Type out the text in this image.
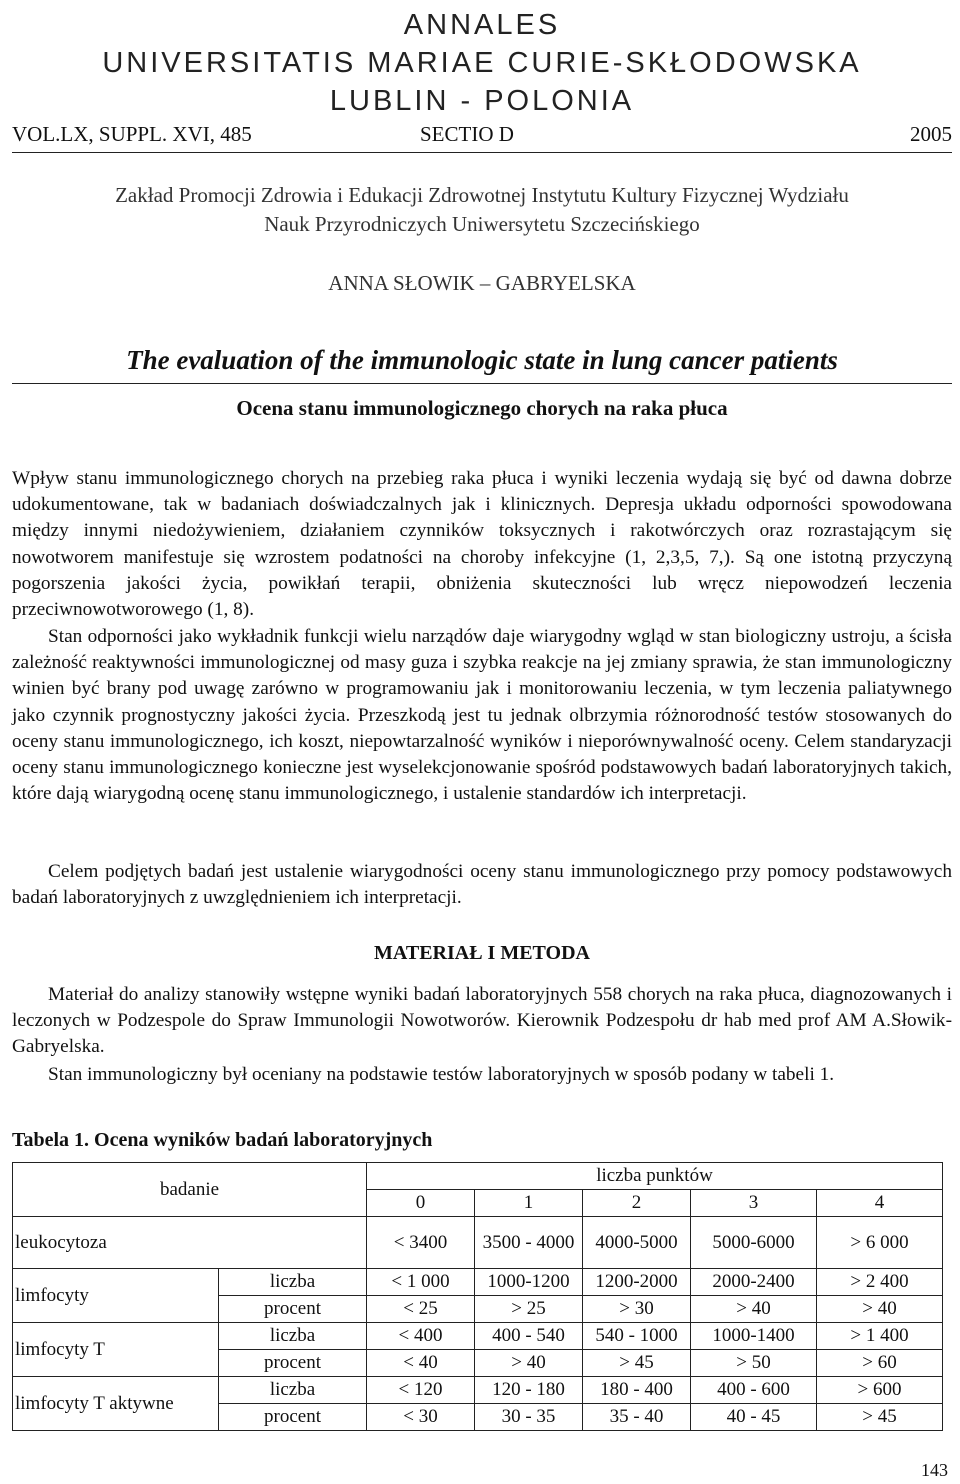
ANNALES
UNIVERSITATIS MARIAE CURIE-SKŁODOWSKA
LUBLIN - POLONIA
VOL.LX, SUPPL. XVI, 485	SECTIO D	2005
Zakład Promocji Zdrowia i Edukacji Zdrowotnej Instytutu Kultury Fizycznej Wydziału
Nauk Przyrodniczych Uniwersytetu Szczecińskiego
ANNA SŁOWIK – GABRYELSKA
The evaluation of the immunologic state in lung cancer patients
Ocena stanu immunologicznego chorych na raka płuca

Wpływ stanu immunologicznego chorych na przebieg raka płuca i wyniki leczenia wydają się być od dawna dobrze udokumentowane, tak w badaniach doświadczalnych jak i klinicznych. Depresja układu odporności spowodowana między innymi niedożywieniem, działaniem czynników toksycznych i rakotwórczych oraz rozrastającym się nowotworem manifestuje się wzrostem podatności na choroby infekcyjne (1, 2,3,5, 7,). Są one istotną przyczyną pogorszenia jakości życia, powikłań terapii, obniżenia skuteczności lub wręcz niepowodzeń leczenia przeciwnowotworowego (1, 8).

Stan odporności jako wykładnik funkcji wielu narządów daje wiarygodny wgląd w stan biologiczny ustroju, a ścisła zależność reaktywności immunologicznej od masy guza i szybka reakcje na jej zmiany sprawia, że stan immunologiczny winien być brany pod uwagę zarówno w programowaniu jak i monitorowaniu leczenia, w tym leczenia paliatywnego jako czynnik prognostyczny jakości życia. Przeszkodą jest tu jednak olbrzymia różnorodność testów stosowanych do oceny stanu immunologicznego, ich koszt, niepowtarzalność wyników i nieporównywalność oceny. Celem standaryzacji oceny stanu immunologicznego konieczne jest wyselekcjonowanie spośród podstawowych badań laboratoryjnych takich, które dają wiarygodną ocenę stanu immunologicznego, i ustalenie standardów ich interpretacji.

Celem podjętych badań jest ustalenie wiarygodności oceny stanu immunologicznego przy pomocy podstawowych badań laboratoryjnych z uwzględnieniem ich interpretacji.

MATERIAŁ I METODA

Materiał do analizy stanowiły wstępne wyniki badań laboratoryjnych 558 chorych na raka płuca, diagnozowanych i leczonych w Podzespole do Spraw Immunologii Nowotworów. Kierownik Podzespołu dr hab med prof AM A.Słowik-Gabryelska.

Stan immunologiczny był oceniany na podstawie testów laboratoryjnych w sposób podany w tabeli 1.

Tabela 1. Ocena wyników badań laboratoryjnych
badanie		liczba punktów				
		0	1	2	3	4
leukocytoza		< 3400	3500 - 4000	4000-5000	5000-6000	> 6 000
limfocyty	liczba	< 1 000	1000-1200	1200-2000	2000-2400	> 2 400
	procent	< 25	> 25	> 30	> 40	> 40
limfocyty T	liczba	< 400	400 - 540	540 - 1000	1000-1400	> 1 400
	procent	< 40	> 40	> 45	> 50	> 60
limfocyty T aktywne	liczba	< 120	120 - 180	180 - 400	400 - 600	> 600
	procent	< 30	30 - 35	35 - 40	40 - 45	> 45
143
